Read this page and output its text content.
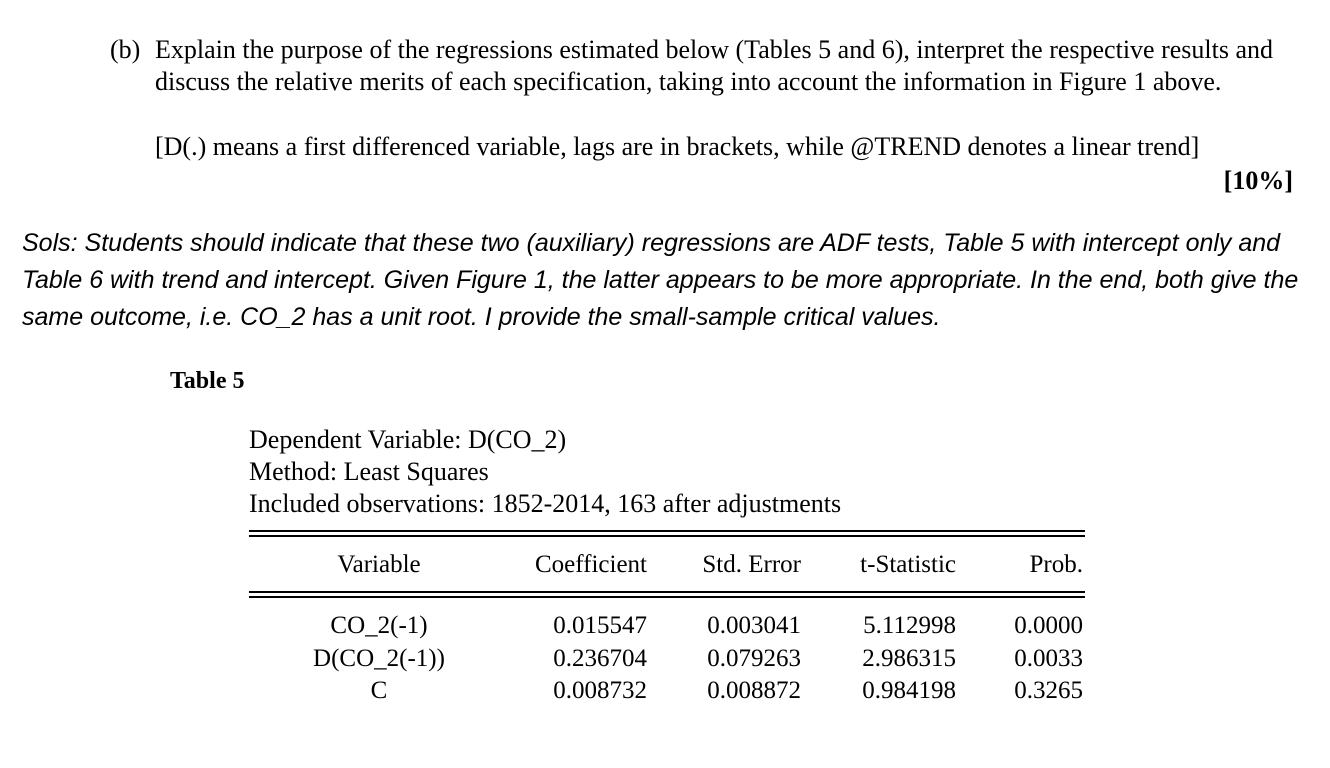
(b) Explain the purpose of the regressions estimated below (Tables 5 and 6), interpret the respective results and discuss the relative merits of each specification, taking into account the information in Figure 1 above.
[D(.) means a first differenced variable, lags are in brackets, while @TREND denotes a linear trend]
[10%]
Sols: Students should indicate that these two (auxiliary) regressions are ADF tests, Table 5 with intercept only and Table 6 with trend and intercept. Given Figure 1, the latter appears to be more appropriate. In the end, both give the same outcome, i.e. CO_2 has a unit root. I provide the small-sample critical values.
Table 5
Dependent Variable: D(CO_2)
Method: Least Squares
Included observations: 1852-2014, 163 after adjustments
Variable	Coefficient	Std. Error	t-Statistic	Prob.
CO_2(-1)	0.015547	0.003041	5.112998	0.0000
D(CO_2(-1))	0.236704	0.079263	2.986315	0.0033
C	0.008732	0.008872	0.984198	0.3265
